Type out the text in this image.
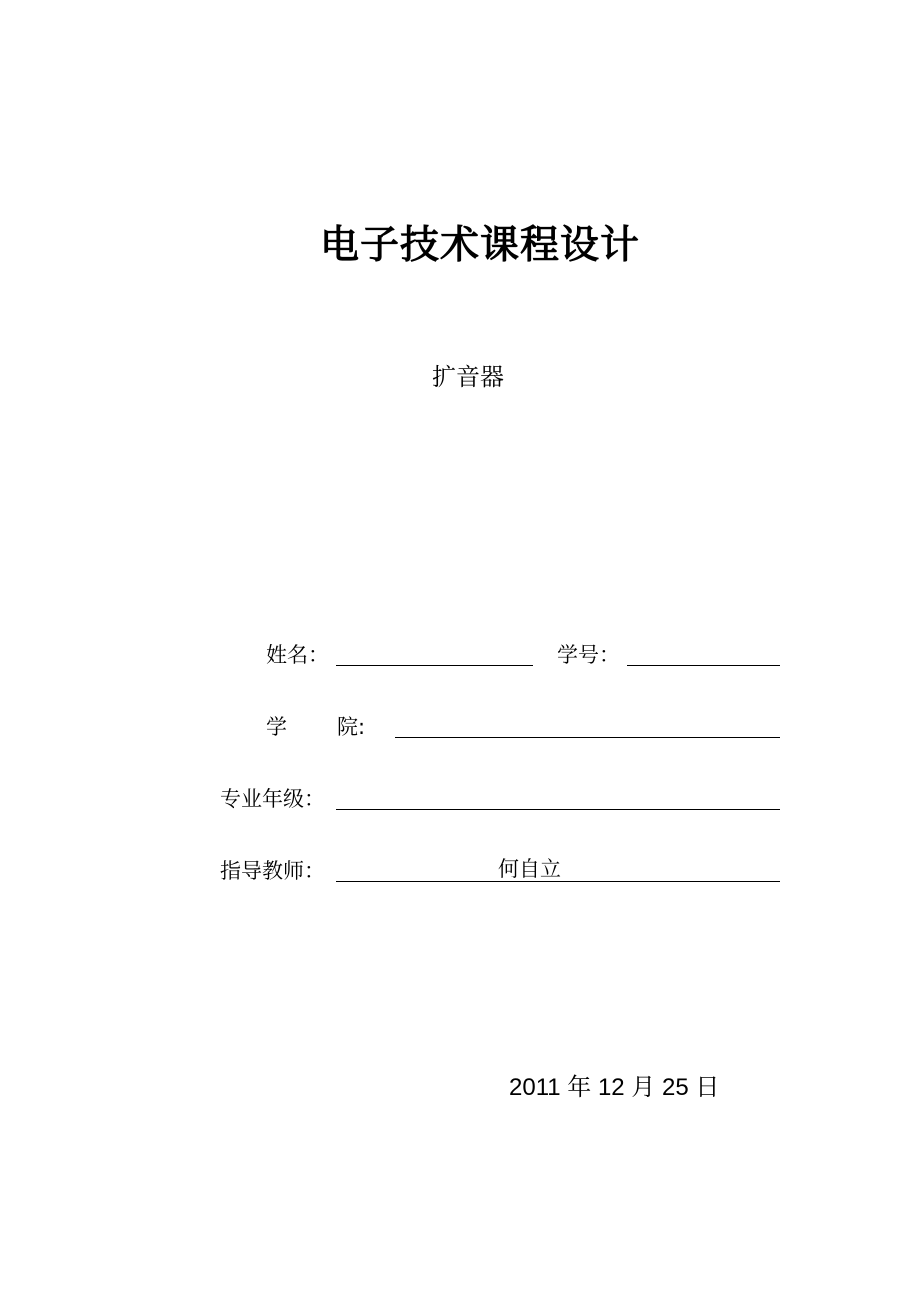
电子技术课程设计
扩音器
姓名：	学号：
学 院:
专业年级：
指导教师：	何自立
2011 年 12 月 25 日
